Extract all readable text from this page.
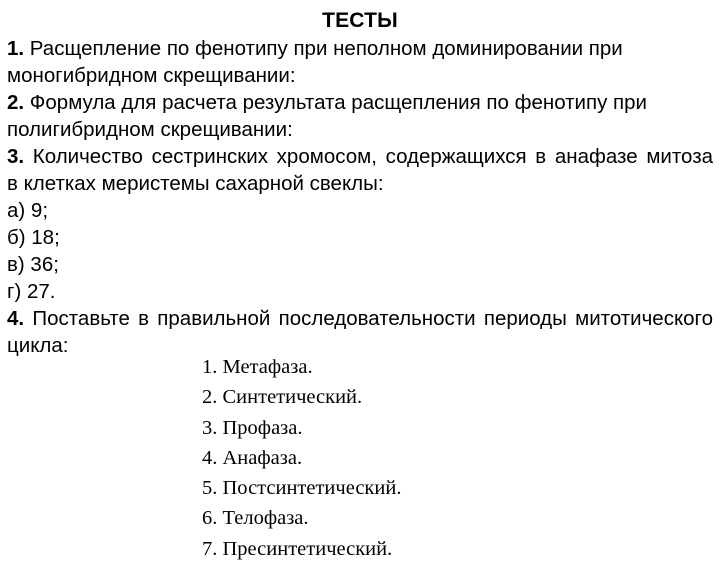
ТЕСТЫ
1. Расщепление по фенотипу при неполном доминировании при
моногибридном скрещивании:
2. Формула для расчета результата расщепления по фенотипу при
полигибридном скрещивании:
3. Количество сестринских хромосом, содержащихся в анафазе митоза
в клетках меристемы сахарной свеклы:
а) 9;
б) 18;
в) 36;
г) 27.
4. Поставьте в правильной последовательности периоды митотического
цикла:
1. Метафаза.
2. Синтетический.
3. Профаза.
4. Анафаза.
5. Постсинтетический.
6. Телофаза.
7. Пресинтетический.
